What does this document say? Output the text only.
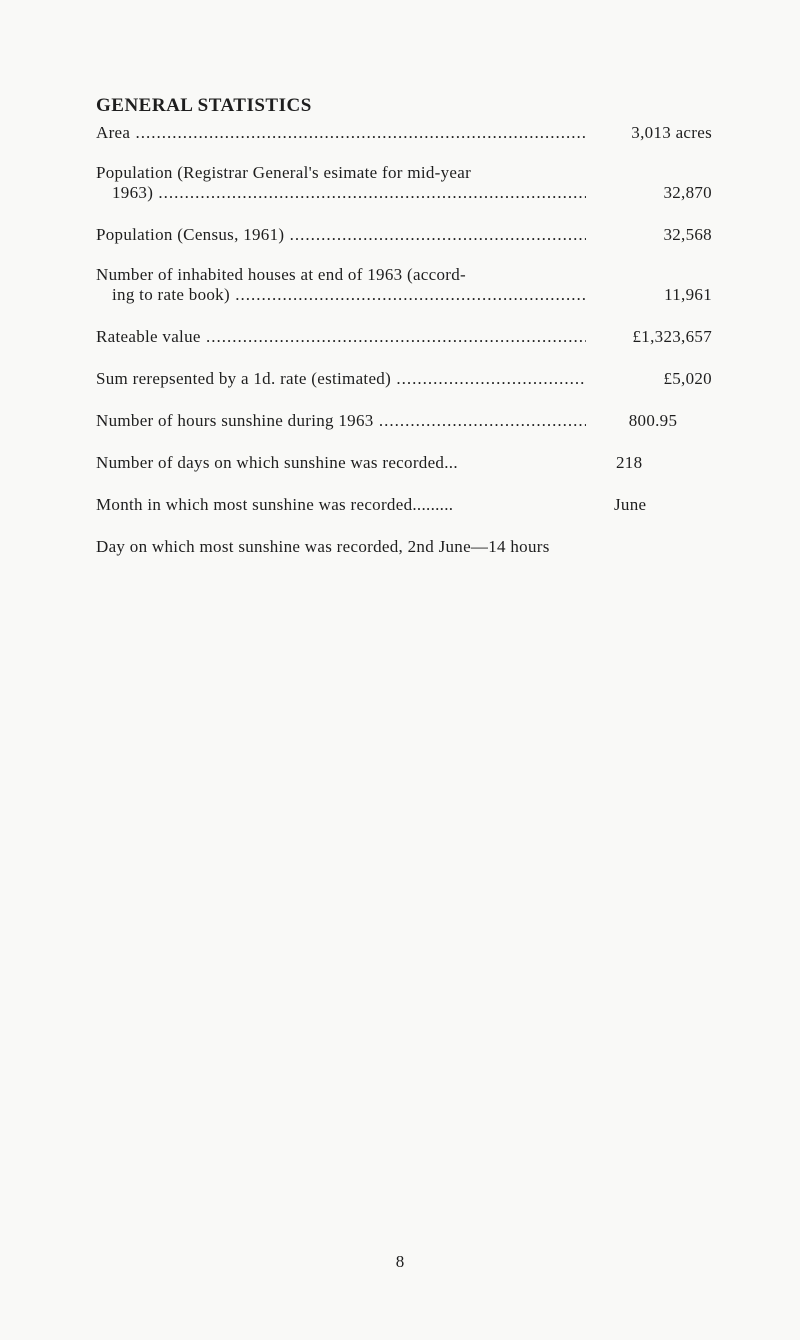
GENERAL STATISTICS
Area .....	3,013 acres
Population (Registrar General's esimate for mid-year
1963) .....	32,870
Population (Census, 1961) .....	32,568
Number of inhabited houses at end of 1963 (accord-
ing to rate book) .....	11,961
Rateable value .....	£1,323,657
Sum rerepsented by a 1d. rate (estimated) .....	£5,020
Number of hours sunshine during 1963 .....	800.95
Number of days on which sunshine was recorded...	218
Month in which most sunshine was recorded.........	June
Day on which most sunshine was recorded, 2nd June—14 hours
8
